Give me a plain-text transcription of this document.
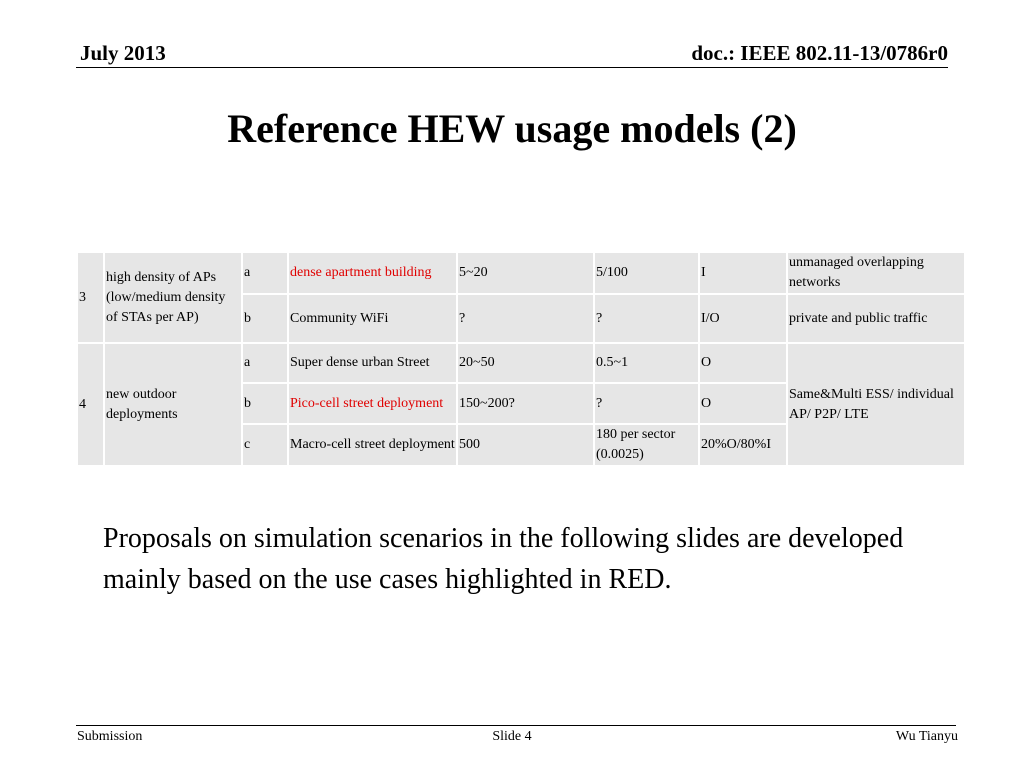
July 2013	doc.: IEEE 802.11-13/0786r0
Reference HEW usage models (2)
3	high density of APs (low/medium density of STAs per AP)	a	dense apartment building	5~20	5/100	I	unmanaged overlapping networks
		b	Community WiFi	?	?	I/O	private and public traffic
4	new outdoor deployments	a	Super dense urban Street	20~50	0.5~1	O	Same&Multi ESS/ individual AP/ P2P/ LTE
		b	Pico-cell street deployment	150~200?	?	O	
		c	Macro-cell street deployment	500	180 per sector (0.0025)	20%O/80%I	
Proposals on simulation scenarios in the following slides are developed mainly based on the use cases highlighted in RED.
Submission	Slide 4	Wu Tianyu
